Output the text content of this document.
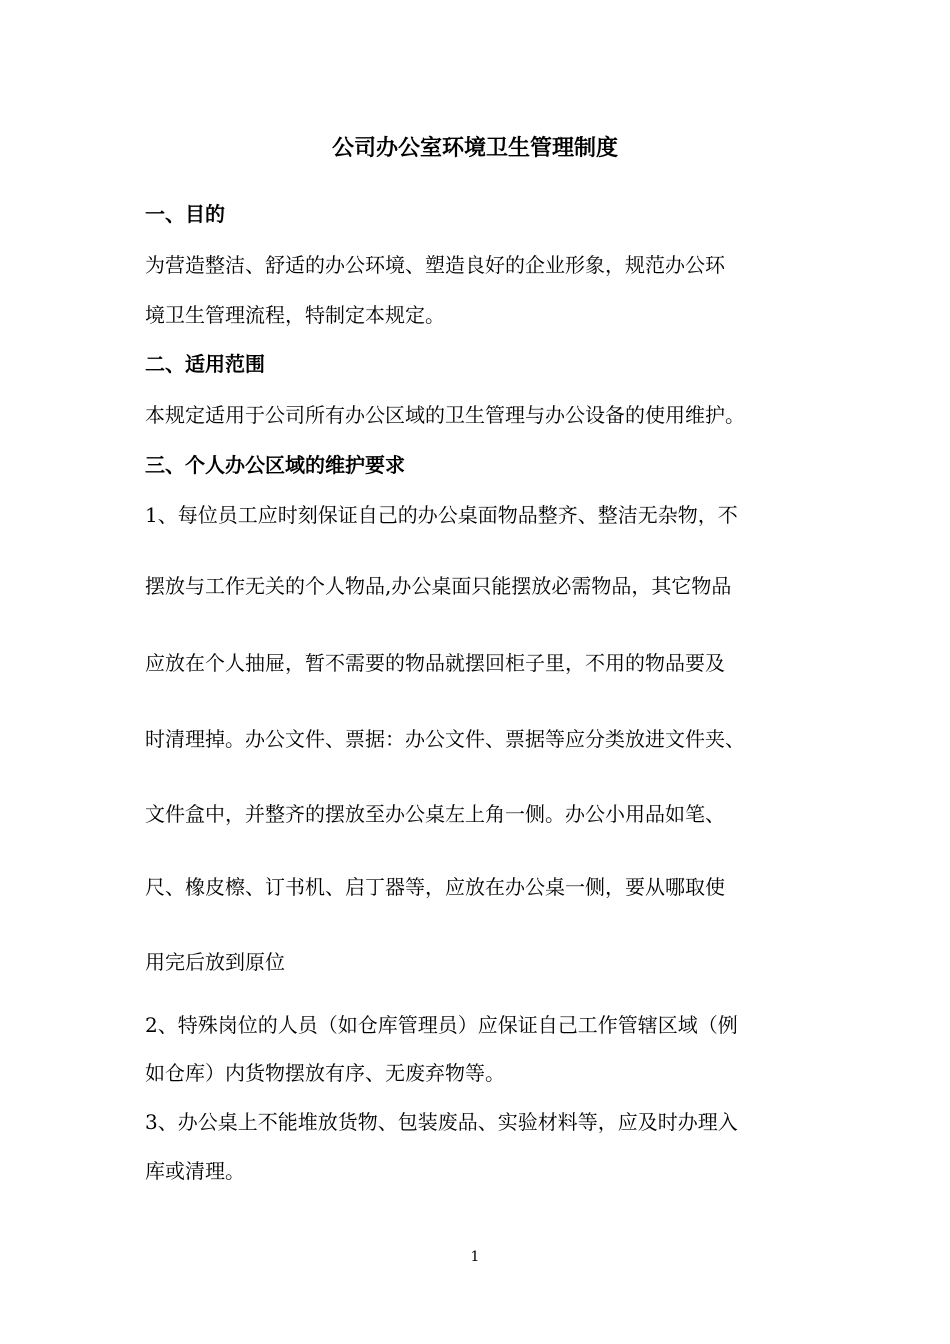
公司办公室环境卫生管理制度
一、目的

为营造整洁、舒适的办公环境、塑造良好的企业形象，规范办公环

境卫生管理流程，特制定本规定。

二、适用范围

本规定适用于公司所有办公区域的卫生管理与办公设备的使用维护。

三、个人办公区域的维护要求

1、每位员工应时刻保证自己的办公桌面物品整齐、整洁无杂物，不

摆放与工作无关的个人物品,办公桌面只能摆放必需物品，其它物品

应放在个人抽屉，暂不需要的物品就摆回柜子里，不用的物品要及

时清理掉。办公文件、票据：办公文件、票据等应分类放进文件夹、

文件盒中，并整齐的摆放至办公桌左上角一侧。办公小用品如笔、

尺、橡皮檫、订书机、启丁器等，应放在办公桌一侧，要从哪取使

用完后放到原位

2、特殊岗位的人员（如仓库管理员）应保证自己工作管辖区域（例

如仓库）内货物摆放有序、无废弃物等。

3、办公桌上不能堆放货物、包装废品、实验材料等，应及时办理入

库或清理。

1
